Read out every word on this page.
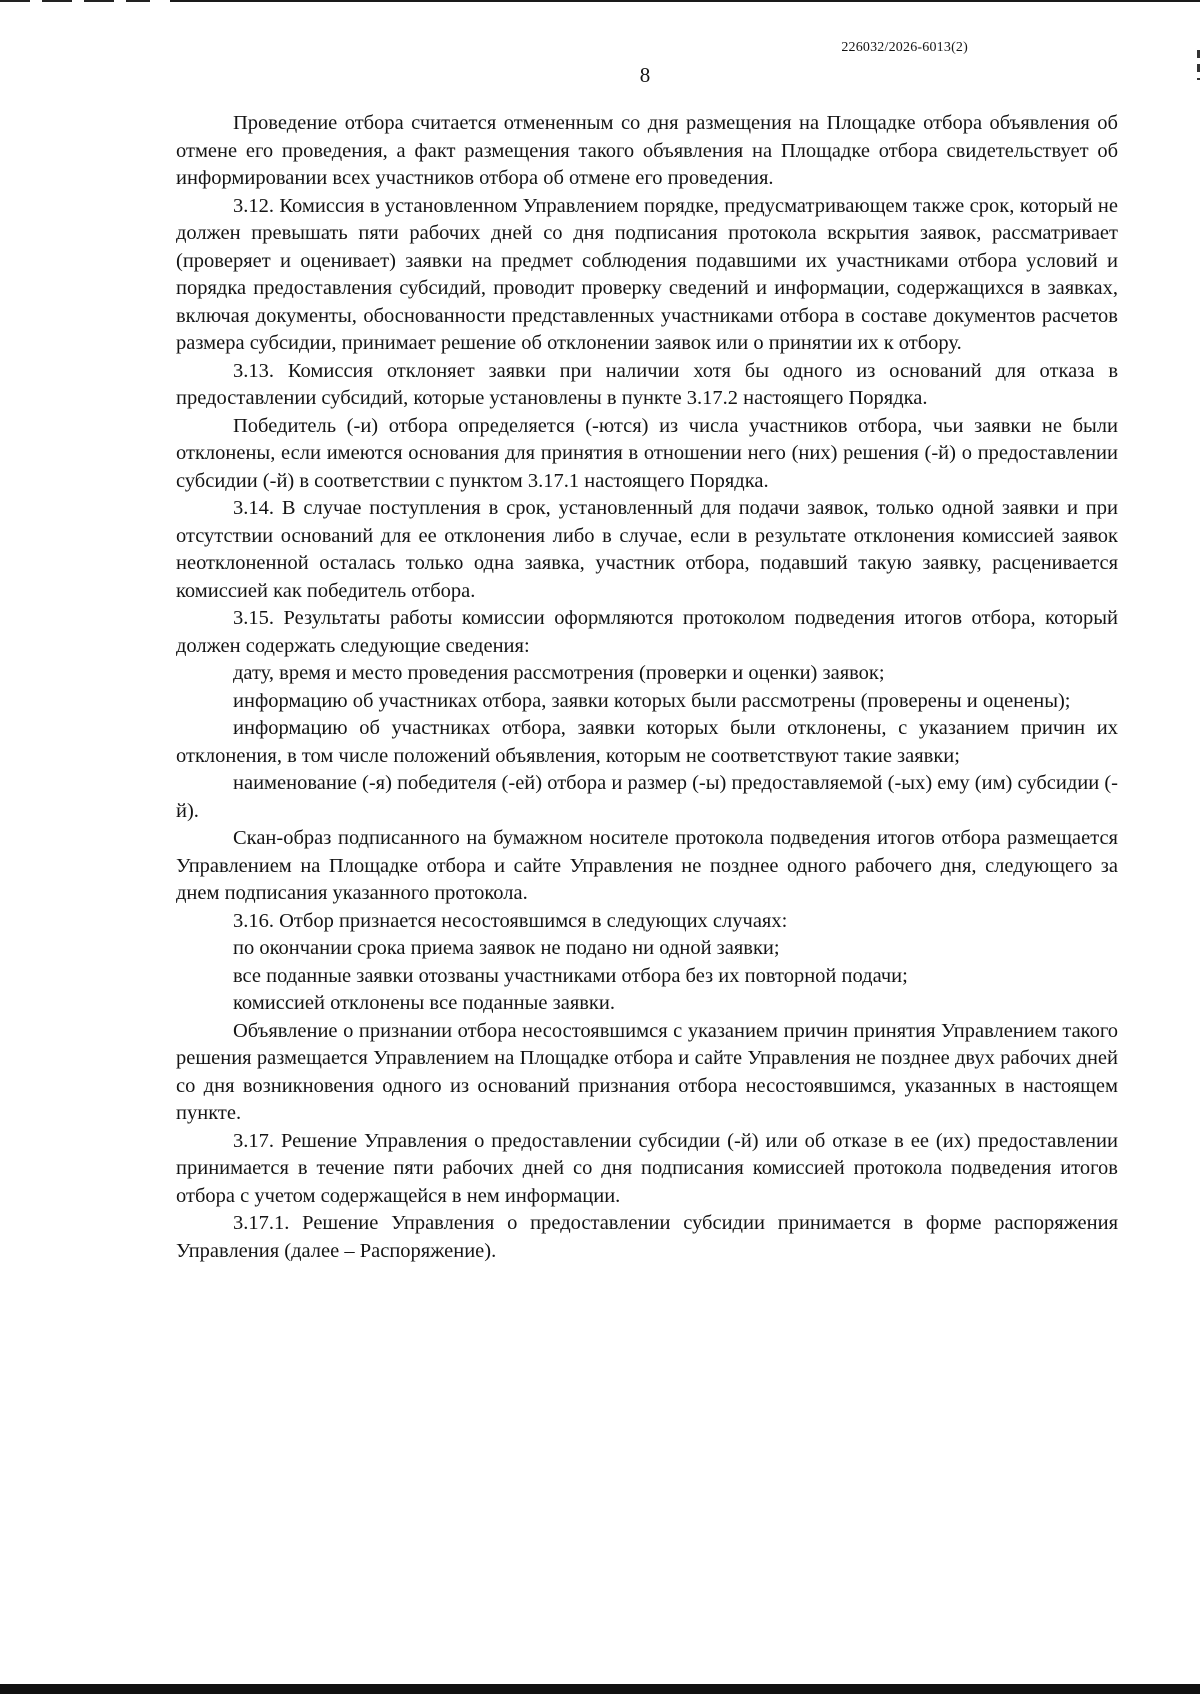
226032/2026-6013(2)
8

Проведение отбора считается отмененным со дня размещения на Площадке отбора объявления об отмене его проведения, а факт размещения такого объявления на Площадке отбора свидетельствует об информировании всех участников отбора об отмене его проведения.

3.12. Комиссия в установленном Управлением порядке, предусматривающем также срок, который не должен превышать пяти рабочих дней со дня подписания протокола вскрытия заявок, рассматривает (проверяет и оценивает) заявки на предмет соблюдения подавшими их участниками отбора условий и порядка предоставления субсидий, проводит проверку сведений и информации, содержащихся в заявках, включая документы, обоснованности представленных участниками отбора в составе документов расчетов размера субсидии, принимает решение об отклонении заявок или о принятии их к отбору.

3.13. Комиссия отклоняет заявки при наличии хотя бы одного из оснований для отказа в предоставлении субсидий, которые установлены в пункте 3.17.2 настоящего Порядка.

Победитель (-и) отбора определяется (-ются) из числа участников отбора, чьи заявки не были отклонены, если имеются основания для принятия в отношении него (них) решения (-й) о предоставлении субсидии (-й) в соответствии с пунктом 3.17.1 настоящего Порядка.

3.14. В случае поступления в срок, установленный для подачи заявок, только одной заявки и при отсутствии оснований для ее отклонения либо в случае, если в результате отклонения комиссией заявок неотклоненной осталась только одна заявка, участник отбора, подавший такую заявку, расценивается комиссией как победитель отбора.

3.15. Результаты работы комиссии оформляются протоколом подведения итогов отбора, который должен содержать следующие сведения:

дату, время и место проведения рассмотрения (проверки и оценки) заявок;

информацию об участниках отбора, заявки которых были рассмотрены (проверены и оценены);

информацию об участниках отбора, заявки которых были отклонены, с указанием причин их отклонения, в том числе положений объявления, которым не соответствуют такие заявки;

наименование (-я) победителя (-ей) отбора и размер (-ы) предоставляемой (-ых) ему (им) субсидии (-й).

Скан-образ подписанного на бумажном носителе протокола подведения итогов отбора размещается Управлением на Площадке отбора и сайте Управления не позднее одного рабочего дня, следующего за днем подписания указанного протокола.

3.16. Отбор признается несостоявшимся в следующих случаях:

по окончании срока приема заявок не подано ни одной заявки;

все поданные заявки отозваны участниками отбора без их повторной подачи;

комиссией отклонены все поданные заявки.

Объявление о признании отбора несостоявшимся с указанием причин принятия Управлением такого решения размещается Управлением на Площадке отбора и сайте Управления не позднее двух рабочих дней со дня возникновения одного из оснований признания отбора несостоявшимся, указанных в настоящем пункте.

3.17. Решение Управления о предоставлении субсидии (-й) или об отказе в ее (их) предоставлении принимается в течение пяти рабочих дней со дня подписания комиссией протокола подведения итогов отбора с учетом содержащейся в нем информации.

3.17.1. Решение Управления о предоставлении субсидии принимается в форме распоряжения Управления (далее – Распоряжение).
